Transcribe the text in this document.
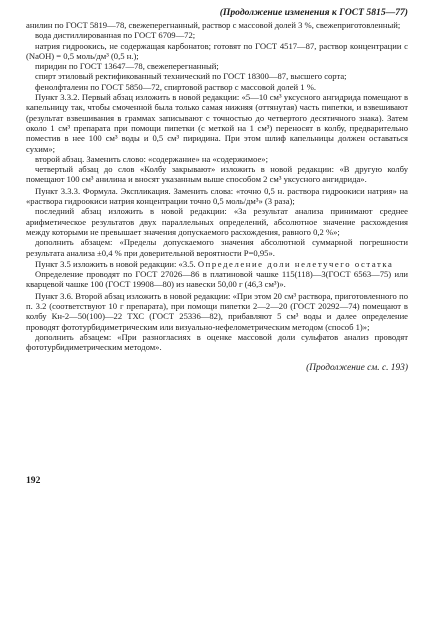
(Продолжение изменения к ГОСТ 5815—77)

анилин по ГОСТ 5819—78, свежеперегнанный, раствор с массовой долей 3 %, свежеприготовленный;

вода дистиллированная по ГОСТ 6709—72;

натрия гидроокись, не содержащая карбонатов; готовят по ГОСТ 4517—87, раствор концентрации с (NaOH) = 0,5 моль/дм³ (0,5 н.);

пиридин по ГОСТ 13647—78, свежеперегнанный;

спирт этиловый ректификованный технический по ГОСТ 18300—87, высшего сорта;

фенолфталеин по ГОСТ 5850—72, спиртовой раствор с массовой долей 1 %.

Пункт 3.3.2. Первый абзац изложить в новой редакции: «5—10 см³ уксусного ангидрида помещают в капельницу так, чтобы смоченной была только самая нижняя (оттянутая) часть пипетки, и взвешивают (результат взвешивания в граммах записывают с точностью до четвертого десятичного знака). Затем около 1 см³ препарата при помощи пипетки (с меткой на 1 см³) переносят в колбу, предварительно поместив в нее 100 см³ воды и 0,5 см³ пиридина. При этом шлиф капельницы должен оставаться сухим»;

второй абзац. Заменить слово: «содержание» на «содержимое»;

четвертый абзац до слов «Колбу закрывают» изложить в новой редакции: «В другую колбу помещают 100 см³ анилина и вносят указанным выше способом 2 см³ уксусного ангидрида».

Пункт 3.3.3. Формула. Экспликация. Заменить слова: «точно 0,5 н. раствора гидроокиси натрия» на «раствора гидроокиси натрия концентрации точно 0,5 моль/дм³» (3 раза);

последний абзац изложить в новой редакции: «За результат анализа принимают среднее арифметическое результатов двух параллельных определений, абсолютное значение расхождения между которыми не превышает значения допускаемого расхождения, равного 0,2 %»;

дополнить абзацем: «Пределы допускаемого значения абсолютной суммарной погрешности результата анализа ±0,4 % при доверительной вероятности P=0,95».

Пункт 3.5 изложить в новой редакции: «3.5. Определение доли нелетучего остатка

Определение проводят по ГОСТ 27026—86 в платиновой чашке 115(118)—3(ГОСТ 6563—75) или кварцевой чашке 100 (ГОСТ 19908—80) из навески 50,00 г (46,3 см³)».

Пункт 3.6. Второй абзац изложить в новой редакции: «При этом 20 см³ раствора, приготовленного по п. 3.2 (соответствуют 10 г препарата), при помощи пипетки 2—2—20 (ГОСТ 20292—74) помещают в колбу Кн-2—50(100)—22 ТХС (ГОСТ 25336—82), прибавляют 5 см³ воды и далее определение проводят фототурбидиметрическим или визуально-нефелометрическим методом (способ 1)»;

дополнить абзацем: «При разногласиях в оценке массовой доли сульфатов анализ проводят фототурбидиметрическим методом».

(Продолжение см. с. 193)
192
